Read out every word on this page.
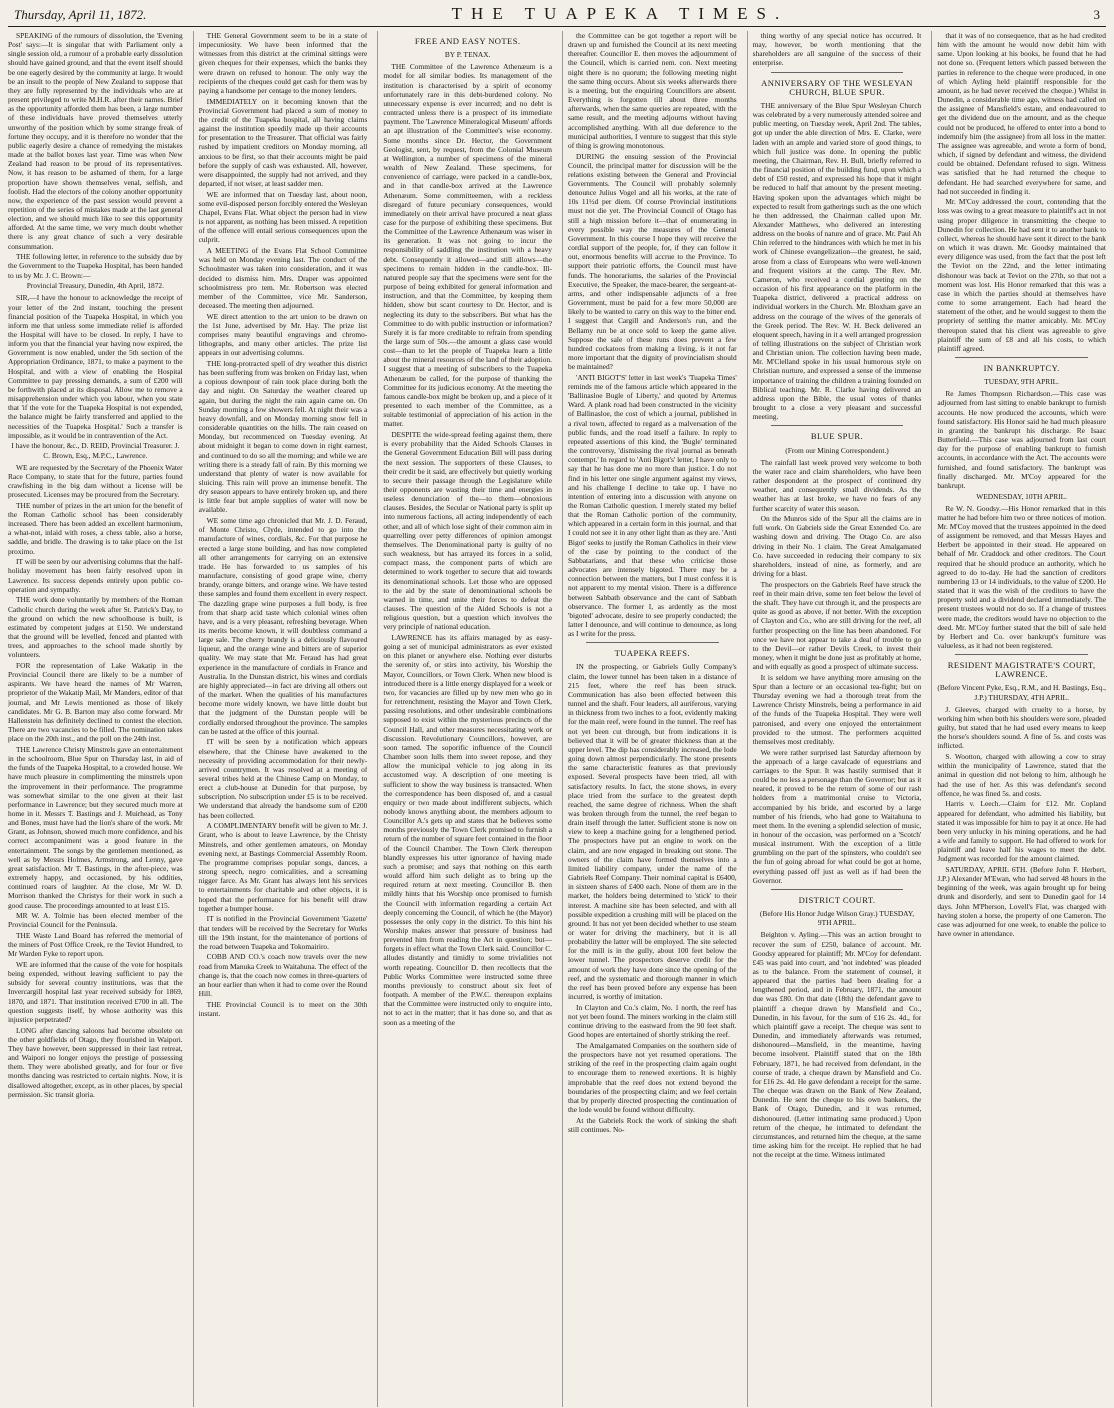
Thursday, April 11, 1872.	THE TUAPEKA TIMES.	3

SPEAKING of the rumours of dissolution, the 'Evening Post' says:—It is singular that with Parliament only a single session old, a rumour of a probable early dissolution should have gained ground, and that the event itself should be one eagerly desired by the community at large. It would be an insult to the people of New Zealand to suppose that they are fully represented by the individuals who are at present privileged to write M.H.R. after their names. Brief as the opportunity afforded them has been, a large number of these individuals have proved themselves utterly unworthy of the position which by some strange freak of fortune they occupy, and it is therefore no wonder that the public eagerly desire a chance of remedying the mistakes made at the ballot boxes last year. Time was when New Zealand had reason to be proud of its representatives. Now, it has reason to be ashamed of them, for a large proportion have shown themselves venal, selfish, and foolish. Had the electors of the colony another opportunity now, the experience of the past session would prevent a repetition of the series of mistakes made at the last general election, and we should much like to see this opportunity afforded. At the same time, we very much doubt whether there is any great chance of such a very desirable consummation.

THE following letter, in reference to the subsidy due by the Government to the Tuapeka Hospital, has been handed to us by Mr. J. C. Brown:—

Provincial Treasury, Dunedin, 4th April, 1872.

SIR,—I have the honour to acknowledge the receipt of your letter of the 2nd instant, touching the present financial position of the Tuapeka Hospital, in which you inform me that unless some immediate relief is afforded the Hospital will have to be closed. In reply, I have to inform you that the financial year having now expired, the Government is now enabled, under the 5th section of the Appropriation Ordinance, 1871, to make a payment to the Hospital, and with a view of enabling the Hospital Committee to pay pressing demands, a sum of £200 will be forthwith placed at its disposal. Allow me to remove a misapprehension under which you labour, when you state that 'if the vote for the Tuapeka Hospital is not expended, the balance might be fairly transferred and applied to the necessities of the Tuapeka Hospital.' Such a transfer is impossible, as it would be in contravention of the Act.

I have the honour, &c., D. REID, Provincial Treasurer. J. C. Brown, Esq., M.P.C., Lawrence.

WE are requested by the Secretary of the Phoenix Water Race Company, to state that for the future, parties found crawfishing in the big dam without a license will be prosecuted. Licenses may be procured from the Secretary.

THE number of prizes in the art union for the benefit of the Roman Catholic school has been considerably increased. There has been added an excellent harmonium, a what-not, inlaid with roses, a chess table, also a horse, saddle, and bridle. The drawing is to take place on the 1st proximo.

IT will be seen by our advertising columns that the half-holiday movement has been fairly resolved upon in Lawrence. Its success depends entirely upon public co-operation and sympathy.

THE work done voluntarily by members of the Roman Catholic church during the week after St. Patrick's Day, to the ground on which the new schoolhouse is built, is estimated by competent judges at £150. We understand that the ground will be levelled, fenced and planted with trees, and approaches to the school made shortly by volunteers.

FOR the representation of Lake Wakatip in the Provincial Council there are likely to be a number of aspirants. We have heard the names of Mr Warren, proprietor of the Wakatip Mail, Mr Manders, editor of that journal, and Mr Lewis mentioned as those of likely candidates. Mr G. B. Barton may also come forward. Mr Hallenstein has definitely declined to contest the election. There are two vacancies to be filled. The nomination takes place on the 20th inst., and the poll on the 24th inst.

THE Lawrence Christy Minstrels gave an entertainment in the schoolroom, Blue Spur on Thursday last, in aid of the funds of the Tuapeka Hospital, to a crowded house. We have much pleasure in complimenting the minstrels upon the improvement in their performance. The programme was somewhat similar to the one given at their last performance in Lawrence; but they secured much more at home in it. Messrs T. Bastings and J. Muirhead, as Tony and Bones, must have had the lion's share of the work. Mr Grant, as Johnson, showed much more confidence, and his correct accompaniment was a good feature in the entertainment. The songs by the gentlemen mentioned, as well as by Messrs Holmes, Armstrong, and Lenny, gave great satisfaction. Mr T. Bastings, in the after-piece, was extremely happy, and occasioned, by his oddities, continued roars of laughter. At the close, Mr W. D. Morrison thanked the Christys for their work in such a good cause. The proceedings amounted to at least £15.

MR W. A. Tolmie has been elected member of the Provincial Council for the Peninsula.

THE Waste Land Board has referred the memorial of the miners of Post Office Creek, re the Teviot Hundred, to Mr Warden Fyke to report upon.

WE are informed that the cause of the vote for hospitals being expended, without leaving sufficient to pay the subsidy for several country institutions, was that the Invercargill hospital last year received subsidy for 1869, 1870, and 1871. That institution received £700 in all. The question suggests itself, by whose authority was this injustice perpetrated?

LONG after dancing saloons had become obsolete on the other goldfields of Otago, they flourished in Waipori. They have however, been suppressed in their last retreat, and Waipori no longer enjoys the prestige of possessing them. They were abolished greatly, and for four or five months dancing was restricted to certain nights. Now, it is disallowed altogether, except, as in other places, by special permission. Sic transit gloria.

THE General Government seem to be in a state of impecuniosity. We have been informed that the witnesses from this district at the criminal sittings were given cheques for their expenses, which the banks they were drawn on refused to honour. The only way the recipients of the cheques could get cash for them was by paying a handsome per centage to the money lenders.

IMMEDIATELY on it becoming known that the Provincial Government had placed a sum of money to the credit of the Tuapeka hospital, all having claims against the institution speedily made up their accounts for presentation to the Treasurer. That official was fairly rushed by impatient creditors on Monday morning, all anxious to be first, so that their accounts might be paid before the supply of cash was exhausted. All, however, were disappointed, the supply had not arrived, and they departed, if not wiser, at least sadder men.

WE are informed that on Tuesday last, about noon, some evil-disposed person forcibly entered the Wesleyan Chapel, Evans Flat. What object the person had in view is not apparent, as nothing has been missed. A repetition of the offence will entail serious consequences upon the culprit.

A MEETING of the Evans Flat School Committee was held on Monday evening last. The conduct of the Schoolmaster was taken into consideration, and it was decided to dismiss him. Mrs. Draper was appointed schoolmistress pro tem. Mr. Robertson was elected member of the Committee, vice Mr. Sanderson, deceased. The meeting then adjourned.

WE direct attention to the art union to be drawn on the 1st June, advertised by Mr. Hay. The prize list comprises many beautiful engravings and chromo-lithographs, and many other articles. The prize list appears in our advertising columns.

THE long-protracted spell of dry weather this district has been suffering from was broken on Friday last, when a copious downpour of rain took place during both the day and night. On Saturday the weather cleared up again, but during the night the rain again came on. On Sunday morning a few showers fell. At night their was a heavy downfall, and on Monday morning snow fell in considerable quantities on the hills. The rain ceased on Monday, but recommenced on Tuesday evening. At about midnight it began to come down in right earnest, and continued to do so all the morning; and while we are writing there is a steady fall of rain. By this morning we understand that plenty of water is now available for sluicing. This rain will prove an immense benefit. The dry season appears to have entirely broken up, and there is little fear but ample supplies of water will now be available.

WE some time ago chronicled that Mr. J. D. Feraud, of Monte Christo, Clyde, intended to go into the manufacture of wines, cordials, &c. For that purpose he erected a large stone building, and has now completed all other arrangements for carrying on an extensive trade. He has forwarded to us samples of his manufacture, consisting of good grape wine, cherry brandy, orange bitters, and orange wine. We have tested these samples and found them excellent in every respect. The dazzling grape wine purposes a full body, is free from that sharp acid taste which colonial wines often have, and is a very pleasant, refreshing beverage. When its merits become known, it will doubtless command a large sale. The cherry brandy is a deliciously flavoured liqueur, and the orange wine and bitters are of superior quality. We may state that Mr. Feraud has had great experience in the manufacture of cordials in France and Australia. In the Dunstan district, his wines and cordials are highly appreciated—in fact are driving all others out of the market. When the qualities of his manufactures become more widely known, we have little doubt but that the judgment of the Dunstan people will be cordially endorsed throughout the province. The samples can be tasted at the office of this journal.

IT will be seen by a notification which appears elsewhere, that the Chinese have awakened to the necessity of providing accommodation for their newly-arrived countrymen. It was resolved at a meeting of several tribes held at the Chinese Camp on Monday, to erect a club-house at Dunedin for that purpose, by subscription. No subscription under £5 is to be received. We understand that already the handsome sum of £200 has been collected.

A COMPLIMENTARY benefit will be given to Mr. J. Grant, who is about to leave Lawrence, by the Christy Minstrels, and other gentlemen amateurs, on Monday evening next, at Bastings Commercial Assembly Room. The programme comprises popular songs, dances, a strong speech, negro comicalities, and a screaming nigger farce. As Mr. Grant has always lent his services to entertainments for charitable and other objects, it is hoped that the performance for his benefit will draw together a bumper house.

IT is notified in the Provincial Government 'Gazette' that tenders will be received by the Secretary for Works till the 19th instant, for the maintenance of portions of the road between Tuapeka and Tokomairiro.

COBB AND CO.'s coach now travels over the new road from Manuka Creek to Waitahuna. The effect of the change is, that the coach now comes in three-quarters of an hour earlier than when it had to come over the Round Hill.

THE Provincial Council is to meet on the 30th instant.

FREE AND EASY NOTES.

BY P. TENAX.

THE Committee of the Lawrence Athenæum is a model for all similar bodies. Its management of the institution is characterised by a spirit of economy unfortunately rare in this debt-burdened colony. No unnecessary expense is ever incurred; and no debt is contracted unless there is a prospect of its immediate payment. The 'Lawrence Mineralogical Museum' affords an apt illustration of the Committee's wise economy. Some months since Dr. Hector, the Government Geologist, sent, by request, from the Colonial Museum at Wellington, a number of specimens of the mineral wealth of New Zealand. These specimens, for convenience of carriage, were packed in a candle-box, and in that candle-box arrived at the Lawrence Athenæum. Some committeemen, with a reckless disregard of future pecuniary consequences, would immediately on their arrival have procured a neat glass case for the purpose of exhibiting these specimens. But the Committee of the Lawrence Athenæum was wiser in its generation. It was not going to incur the responsibility of saddling the institution with a heavy debt. Consequently it allowed—and still allows—the specimens to remain hidden in the candle-box. Ill-natured people say that the specimens were sent for the purpose of being exhibited for general information and instruction, and that the Committee, by keeping them hidden, show but scant courtesy to Dr. Hector, and is neglecting its duty to the subscribers. But what has the Committee to do with public instruction or information? Surely it is far more creditable to refrain from spending the large sum of 50s.—the amount a glass case would cost—than to let the people of Tuapeka learn a little about the mineral resources of the land of their adoption. I suggest that a meeting of subscribers to the Tuapeka Athenæum be called, for the purpose of thanking the Committee for its judicious economy. At the meeting the famous candle-box might be broken up, and a piece of it presented to each member of the Committee, as a suitable testimonial of appreciation of his action in the matter.

DESPITE the wide-spread feeling against them, there is every probability that the Aided Schools Clauses in the General Government Education Bill will pass during the next session. The supporters of these Clauses, to their credit be it said, are effectively but quietly working to secure their passage through the Legislature while their opponents are wasting their time and energies in useless denunciation of the—to them—obnoxious clauses. Besides, the Secular or National party is split up into numerous factions, all acting independently of each other, and all of which lose sight of their common aim in quarrelling over petty differences of opinion amongst themselves. The Denominational party is guilty of no such weakness, but has arrayed its forces in a solid, compact mass, the component parts of which are determined to work together to secure that aid towards its denominational schools. Let those who are opposed to the aid by the state of denominational schools be warned in time, and unite their forces to defeat the clauses. The question of the Aided Schools is not a religious question, but a question which involves the very principle of national education.

LAWRENCE has its affairs managed by as easy-going a set of municipal administrators as ever existed on this planet or anywhere else. Nothing ever disturbs the serenity of, or stirs into activity, his Worship the Mayor, Councillors, or Town Clerk. When new blood is introduced there is a little energy displayed for a week or two, for vacancies are filled up by new men who go in for retrenchment, resisting the Mayor and Town Clerk, passing resolutions, and other undesirable combinations supposed to exist within the mysterious precincts of the Council Hall, and other measures necessitating work or discussion. Revolutionary Councillors, however, are soon tamed. The soporific influence of the Council Chamber soon lulls them into sweet repose, and they allow the municipal vehicle to jog along in its accustomed way. A description of one meeting is sufficient to show the way business is transacted. When the correspondence has been disposed of, and a casual enquiry or two made about indifferent subjects, which nobody knows anything about, the members adjourn to Councillor A.'s gets up and states that he believes some months previously the Town Clerk promised to furnish a return of the number of square feet contained in the floor of the Council Chamber. The Town Clerk thereupon blandly expresses his utter ignorance of having made such a promise; and says that nothing on this earth would afford him such delight as to bring up the required return at next meeting. Councillor B. then mildly hints that his Worship once promised to furnish the Council with information regarding a certain Act deeply concerning the Council, of which he (the Mayor) possesses the only copy in the district. To this hint his Worship makes answer that pressure of business had prevented him from reading the Act in question; but—forgets in effect what the Town Clerk said. Councillor C. alludes distantly and timidly to some trivialities not worth repeating. Councillor D. then recollects that the Public Works Committee were instructed some three months previously to construct about six feet of footpath. A member of the P.W.C. thereupon explains that the Committee were instructed only to enquire into, not to act in the matter; that it has done so, and that as soon as a meeting of the

the Committee can be got together a report will be drawn up and furnished the Council at its next meeting thereafter. Councillor E. then moves the adjournment of the Council, which is carried nem. con. Next meeting night there is no quorum; the following meeting night the same thing occurs. About six weeks afterwards there is a meeting, but the enquiring Councillors are absent. Everything is forgotten till about three months afterwards, when the same queries are repeated, with the same result, and the meeting adjourns without having accomplished anything. With all due deference to the municipal authorities, I venture to suggest that this style of thing is growing monotonous.

DURING the ensuing session of the Provincial Council, the principal matter for discussion will be the relations existing between the General and Provincial Governments. The Council will probably solemnly denounce Julius Vogel and all his works, at the rate of 10s 11½d per diem. Of course Provincial institutions must not die yet. The Provincial Council of Otago has still a high mission before it—that of enumerating in every possible way the measures of the General Government. In this course I hope they will receive the cordial support of the people, for, if they can follow it out, enormous benefits will accrue to the Province. To support their patriotic efforts, the Council must have funds. The honorariums, the salaries of the Provincial Executive, the Speaker, the mace-bearer, the sergeant-at-arms, and other indispensable adjuncts of a free Government, must be paid for a few more 50,000 are likely to be wanted to carry on this way to the bitter end. I suggest that Cargill and Anderson's run, and the Bellamy run be at once sold to keep the game alive. Suppose the sale of these runs does prevent a few hundred cockatoos from making a living, is it not far more important that the dignity of provincialism should be maintained?

'ANTI BIGOT'S' letter in last week's 'Tuapeka Times' reminds me of the famous article which appeared in the 'Ballinasloe Bugle of Liberty,' and quoted by Artemus Ward. A plank road had been constructed in the vicinity of Ballinasloe, the cost of which a journal, published in a rival town, affected to regard as a malversation of the public funds, and the road itself a failure. In reply to repeated assertions of this kind, the 'Bugle' terminated the controversy, 'dismissing the rival journal as beneath contempt.' In regard to 'Anti Bigot's' letter, I have only to say that he has done me no more than justice. I do not find in his letter one single argument against my views, and his challenge I decline to take up. I have no intention of entering into a discussion with anyone on the Roman Catholic question. I merely stated my belief that the Roman Catholic portion of the community, which appeared in a certain form in this journal, and that I could not see it in any other light than as they are. 'Anti Bigot' seeks to justify the Roman Catholics in their view of the case by pointing to the conduct of the Sabbatarians, and that these who criticise those advocates are intensely bigoted. There may be a connection between the matters, but I must confess it is not apparent to my mental vision. There is a difference between Sabbath observance and the cant of Sabbath observance. The former I, as ardently as the most 'bigoted' advocate, desire to see properly conducted; the latter I denounce, and will continue to denounce, as long as I write for the press.

TUAPEKA REEFS.

IN the prospecting, or Gabriels Gully Company's claim, the lower tunnel has been taken in a distance of 215 feet, where the reef has been struck. Communication has also been effected between this tunnel and the shaft. Four leaders, all auriferous, varying in thickness from two inches to a foot, evidently making for the main reef, were found in the tunnel. The reef has not yet been cut through, but from indications it is believed that it will be of greater thickness than at the upper level. The dip has considerably increased, the lode going down almost perpendicularly. The stone presents the same characteristic features as that previously exposed. Several prospects have been tried, all with satisfactory results. In fact, the stone shows, in every place tried from the surface to the greatest depth reached, the same degree of richness. When the shaft was broken through from the tunnel, the reef began to drain itself through the latter. Sufficient stone is now on view to keep a machine going for a lengthened period. The prospectors have put an engine to work on the claim, and are now engaged in breaking out stone. The owners of the claim have formed themselves into a limited liability company, under the name of the Gabriels Reef Company. Their nominal capital is £6400, in sixteen shares of £400 each. None of them are in the market, the holders being determined to 'stick' to their interest. A machine site has been selected, and with all possible expedition a crushing mill will be placed on the ground. It has not yet been decided whether to use steam or water for driving the machinery, but it is all probability the latter will be employed. The site selected for the mill is in the gully, about 100 feet below the lower tunnel. The prospectors deserve credit for the amount of work they have done since the opening of the reef, and the systematic and thorough manner in which the reef has been proved before any expense has been incurred, is worthy of imitation.

In Clayton and Co.'s claim, No. 1 north, the reef has not yet been found. The miners working in the claim still continue driving to the eastward from the 90 feet shaft. Good hopes are entertained of shortly striking the reef.

The Amalgamated Companies on the southern side of the prospectors have not yet resumed operations. The striking of the reef in the prospecting claim again ought to encourage them to renewed exertions. It is highly improbable that the reef does not extend beyond the boundaries of the prospecting claim; and we feel certain that by properly directed prospecting the continuation of the lode would be found without difficulty.

At the Gabriels Rock the work of sinking the shaft still continues. No-

thing worthy of any special notice has occurred. It may, however, be worth mentioning that the shareholders are all sanguine of the success of their enterprise.

ANNIVERSARY OF THE WESLEYAN CHURCH, BLUE SPUR.

THE anniversary of the Blue Spur Wesleyan Church was celebrated by a very numerously attended soiree and public meeting, on Tuesday week, April 2nd. The tables, got up under the able direction of Mrs. E. Clarke, were laden with an ample and varied store of good things, to which full justice was done. In opening the public meeting, the Chairman, Rev. H. Bull, briefly referred to the financial position of the building fund, upon which a debt of £50 rested, and expressed his hope that it might be reduced to half that amount by the present meeting. Having spoken upon the advantages which might be expected to result from gatherings such as the one which he then addressed, the Chairman called upon Mr. Alexander Matthews, who delivered an interesting address on the books of nature and of grace. Mr. Paul Ah Chin referred to the hindrances with which he met in his work of Chinese evangelization—the greatest, he said, arose from a class of Europeans who were well-known and frequent visitors at the camp. The Rev. Mr. Cameron, who received a cordial greeting on the occasion of his first appearance on the platform in the Tuapeka district, delivered a practical address on individual workers in the Church. Mr. Bloxham gave an address on the courage of the wives of the generals of the Greek period. The Rev. W. H. Beck delivered an eloquent speech, having in it a well arranged progression of telling illustrations on the subject of Christian work and Christian union. The collection having been made, Mr. M'Clelland spoke in his usual humorous style on Christian nurture, and expressed a sense of the immense importance of training the children a training founded on Biblical teaching. Mr. R. Clarke having delivered an address upon the Bible, the usual votes of thanks brought to a close a very pleasant and successful meeting.

BLUE SPUR.

(From our Mining Correspondent.)

The rainfall last week proved very welcome to both the water race and claim shareholders, who have been rather despondent at the prospect of continued dry weather, and consequently small dividends. As the weather has at last broke, we have no fears of any further scarcity of water this season.

On the Munros side of the Spur all the claims are in full work. On Gabriels side the Great Extended Co. are washing down and driving. The Otago Co. are also driving in their No. 1 claim. The Great Amalgamated Co. have succeeded in reducing their company to six shareholders, instead of nine, as formerly, and are driving for a blast.

The prospectors on the Gabriels Reef have struck the reef in their main drive, some ten feet below the level of the shaft. They have cut through it, and the prospects are quite as good as above, if not better. With the exception of Clayton and Co., who are still driving for the reef, all further prospecting on the line has been abandoned. For once we have not appear to take a deal of trouble to go to the Devil—or rather Devils Creek, to invest their money, when it might be done just as profitably at home, and with equally as good a prospect of ultimate success.

It is seldom we have anything more amusing on the Spur than a lecture or an occasional tea-fight; but on Thursday evening we had a thorough treat from the Lawrence Christy Minstrels, being a performance in aid of the funds of the Tuapeka Hospital. They were well patronised, and every one enjoyed the entertainment provided to the utmost. The performers acquitted themselves most creditably.

We were rather surprised last Saturday afternoon by the approach of a large cavalcade of equestrians and carriages to the Spur. It was hastily surmised that it could be no less a personage than the Governor; but as it neared, it proved to be the return of some of our rash holders from a matrimonial cruise to Victoria, accompanied by his bride, and escorted by a large number of his friends, who had gone to Waitahuna to meet them. In the evening a splendid selection of music, in honour of the occasion, was performed on a 'Scotch' musical instrument. With the exception of a little grumbling on the part of the spinsters, who couldn't see the fun of going abroad for what could be got at home, everything passed off just as well as if had been the Governor.

DISTRICT COURT.

(Before His Honor Judge Wilson Gray.) TUESDAY, 9TH APRIL.

Beighton v. Ayling.—This was an action brought to recover the sum of £250, balance of account. Mr. Goodsy appeared for plaintiff; Mr. M'Coy for defendant. £45 was paid into court, and 'not indebted' was pleaded as to the balance. From the statement of counsel, it appeared that the parties had been dealing for a lengthened period, and in February, 1871, the amount due was £80. On that date (18th) the defendant gave to plaintiff a cheque drawn by Mansfield and Co., Dunedin, in his favour, for the sum of £16 2s. 4d., for which plaintiff gave a receipt. The cheque was sent to Dunedin, and immediately afterwards was returned, dishonoured—Mansfield, in the meantime, having become insolvent. Plaintiff stated that on the 18th February, 1871, he had received from defendant, in the course of trade, a cheque drawn by Mansfield and Co. for £16 2s. 4d. He gave defendant a receipt for the same. The cheque was drawn on the Bank of New Zealand, Dunedin. He sent the cheque to his own bankers, the Bank of Otago, Dunedin, and it was returned, dishonoured. (Letter intimating same produced.) Upon return of the cheque, he intimated to defendant the circumstances, and returned him the cheque, at the same time asking him for the receipt. He replied that he had not the receipt at the time. Witness intimated

that it was of no consequence, that as he had credited him with the amount he would now debit him with same. Upon looking at his books, he found that he had not done so. (Frequent letters which passed between the parties in reference to the cheque were produced, in one of which Ayling held plaintiff responsible for the amount, as he had never received the cheque.) Whilst in Dunedin, a considerable time ago, witness had called on the assignee of Mansfield's estate, and endeavoured to get the dividend due on the amount, and as the cheque could not be produced, he offered to enter into a bond to indemnify him (the assignee) from all loss in the matter. The assignee was agreeable, and wrote a form of bond, which, if signed by defendant and witness, the dividend could be obtained. Defendant refused to sign. Witness was satisfied that he had returned the cheque to defendant. He had searched everywhere for same, and had not succeeded in finding it.

Mr. M'Coy addressed the court, contending that the loss was owing to a great measure to plaintiff's act in not using proper diligence in transmitting the cheque to Dunedin for collection. He had sent it to another bank to collect, whereas he should have sent it direct to the bank on which it was drawn. Mr. Goodsy maintained that every diligence was used, from the fact that the post left the Teviot on the 22nd, and the letter intimating dishonour was back at Teviot on the 27th, so that not a moment was lost. His Honor remarked that this was a case in which the parties should at themselves have come to some arrangement. Each had heard the statement of the other, and he would suggest to them the propriety of settling the matter amicably. Mr. M'Coy thereupon stated that his client was agreeable to give plaintiff the sum of £8 and all his costs, to which plaintiff agreed.

IN BANKRUPTCY.

TUESDAY, 9TH APRIL.

Re James Thompson Richardson.—This case was adjourned from last sitting to enable bankrupt to furnish accounts. He now produced the accounts, which were found satisfactory. His Honor said he had much pleasure in granting the bankrupt his discharge. Re Isaac Butterfield.—This case was adjourned from last court day for the purpose of enabling bankrupt to furnish accounts, in accordance with the Act. The accounts were furnished, and found satisfactory. The bankrupt was finally discharged. Mr. M'Coy appeared for the bankrupt.

WEDNESDAY, 10TH APRIL.

Re W. N. Goodsy.—His Honor remarked that in this matter he had before him two or three notices of motion. Mr. M'Coy moved that the trustees appointed in the deed of assignment be removed, and that Messrs Hayes and Herbert be appointed in their stead. He appeared on behalf of Mr. Craddock and other creditors. The Court required that he should produce an authority, which he agreed to do to-day. He had the sanction of creditors numbering 13 or 14 individuals, to the value of £200. He stated that it was the wish of the creditors to have the property sold and a dividend declared immediately. The present trustees would not do so. If a change of trustees were made, the creditors would have no objection to the deed. Mr. M'Coy further stated that the bill of sale held by Herbert and Co. over bankrupt's furniture was valueless, as it had not been registered.

RESIDENT MAGISTRATE'S COURT, LAWRENCE.

(Before Vincent Pyke, Esq., R.M., and H. Bastings, Esq., J.P.) THURSDAY, 4TH APRIL.

J. Gleeves, charged with cruelty to a horse, by working him when both his shoulders were sore, pleaded guilty, but stated that he had used every means to keep the horse's shoulders sound. A fine of 5s. and costs was inflicted.

S. Wootton, charged with allowing a cow to stray within the municipality of Lawrence, stated that the animal in question did not belong to him, although he had the use of her. As this was defendant's second offence, he was fined 5s. and costs.

Harris v. Leech.—Claim for £12. Mr. Copland appeared for defendant, who admitted his liability, but stated it was impossible for him to pay it at once. He had been very unlucky in his mining operations, and he had a wife and family to support. He had offered to work for plaintiff and leave half his wages to meet the debt. Judgment was recorded for the amount claimed.

SATURDAY, APRIL 6TH. (Before John F. Herbert, J.P.) Alexander M'Ewan, who had served 48 hours in the beginning of the week, was again brought up for being drunk and disorderly, and sent to Dunedin gaol for 14 days. John M'Pherson, Lovell's Flat, was charged with having stolen a horse, the property of one Cameron. The case was adjourned for one week, to enable the police to have owner in attendance.
